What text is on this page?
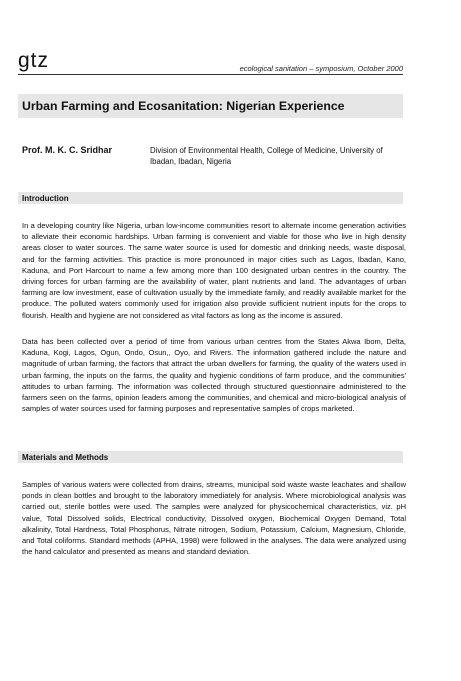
gtz	ecological sanitation – symposium, October 2000
Urban Farming and Ecosanitation: Nigerian Experience
Prof. M. K. C. Sridhar	Division of Environmental Health, College of Medicine, University of Ibadan, Ibadan, Nigeria
Introduction

In a developing country like Nigeria, urban low-income communities resort to alternate income generation activities to alleviate their economic hardships. Urban farming is convenient and viable for those who live in high density areas closer to water sources. The same water source is used for domestic and drinking needs, waste disposal, and for the farming activities. This practice is more pronounced in major cities such as Lagos, Ibadan, Kano, Kaduna, and Port Harcourt to name a few among more than 100 designated urban centres in the country. The driving forces for urban farming are the availability of water, plant nutrients and land. The advantages of urban farming are low investment, ease of cultivation usually by the immediate family, and readily available market for the produce. The polluted waters commonly used for irrigation also provide sufficient nutrient inputs for the crops to flourish. Health and hygiene are not considered as vital factors as long as the income is assured.

Data has been collected over a period of time from various urban centres from the States Akwa Ibom, Delta, Kaduna, Kogi, Lagos, Ogun, Ondo, Osun,, Oyo, and Rivers. The information gathered include the nature and magnitude of urban farming, the factors that attract the urban dwellers for farming, the quality of the waters used in urban farming, the inputs on the farms, the quality and hygienic conditions of farm produce, and the communities' attitudes to urban farming. The information was collected through structured questionnaire administered to the farmers seen on the farms, opinion leaders among the communities, and chemical and micro-biological analysis of samples of water sources used for farming purposes and representative samples of crops marketed.

Materials and Methods

Samples of various waters were collected from drains, streams, municipal soid waste waste leachates and shallow ponds in clean bottles and brought to the laboratory immediately for analysis. Where microbiological analysis was carried out, sterile bottles were used. The samples were analyzed for physicochemical characteristics, viz. pH value, Total Dissolved solids, Electrical conductivity, Dissolved oxygen, Biochemical Oxygen Demand, Total alkalinity, Total Hardness, Total Phosphorus, Nitrate nitrogen, Sodium, Potassium, Calcium, Magnesium, Chloride, and Total coliforms. Standard methods (APHA, 1998) were followed in the analyses. The data were analyzed using the hand calculator and presented as means and standard deviation.
